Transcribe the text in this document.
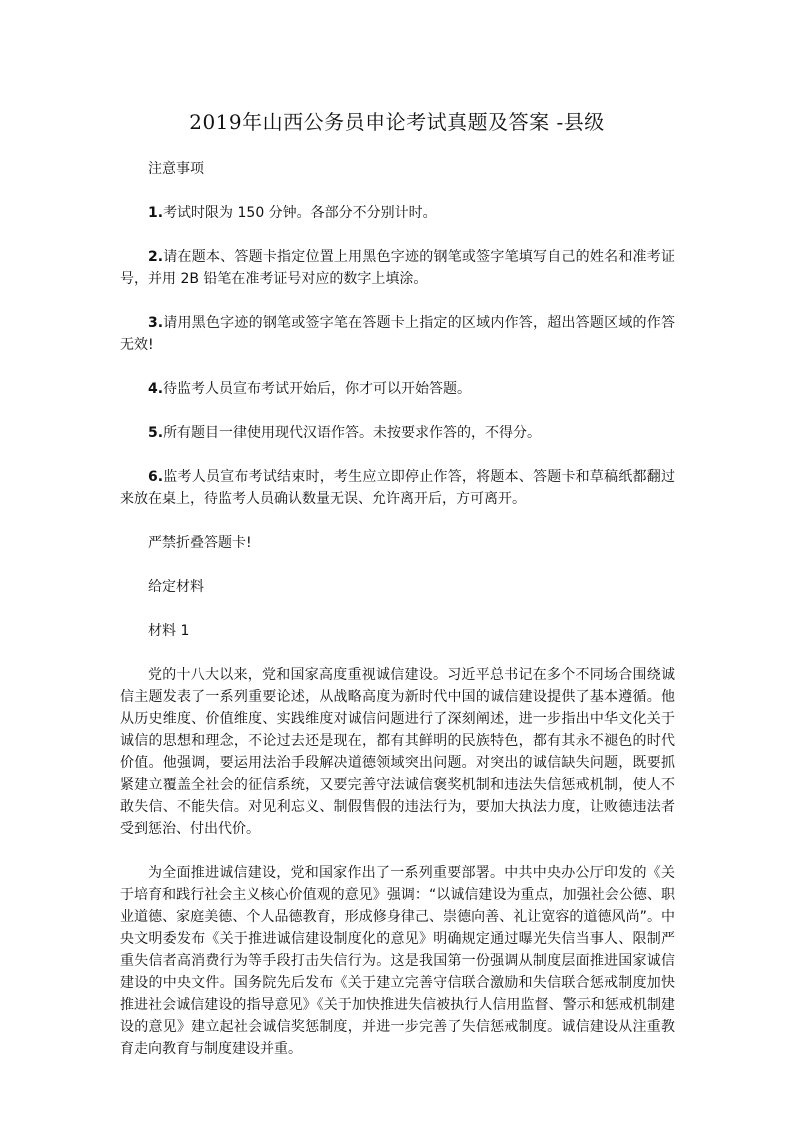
2019年山西公务员申论考试真题及答案 -县级

注意事项

1.考试时限为 150 分钟。各部分不分别计时。

2.请在题本、答题卡指定位置上用黑色字迹的钢笔或签字笔填写自己的姓名和准考证号，并用 2B 铅笔在准考证号对应的数字上填涂。

3.请用黑色字迹的钢笔或签字笔在答题卡上指定的区域内作答，超出答题区域的作答无效!

4.待监考人员宣布考试开始后，你才可以开始答题。

5.所有题目一律使用现代汉语作答。未按要求作答的，不得分。

6.监考人员宣布考试结束时，考生应立即停止作答，将题本、答题卡和草稿纸都翻过来放在桌上，待监考人员确认数量无误、允许离开后，方可离开。

严禁折叠答题卡!

给定材料

材料 1

党的十八大以来，党和国家高度重视诚信建设。习近平总书记在多个不同场合围绕诚信主题发表了一系列重要论述，从战略高度为新时代中国的诚信建设提供了基本遵循。他从历史维度、价值维度、实践维度对诚信问题进行了深刻阐述，进一步指出中华文化关于诚信的思想和理念，不论过去还是现在，都有其鲜明的民族特色，都有其永不褪色的时代价值。他强调，要运用法治手段解决道德领域突出问题。对突出的诚信缺失问题，既要抓紧建立覆盖全社会的征信系统，又要完善守法诚信褒奖机制和违法失信惩戒机制，使人不敢失信、不能失信。对见利忘义、制假售假的违法行为，要加大执法力度，让败德违法者受到惩治、付出代价。

为全面推进诚信建设，党和国家作出了一系列重要部署。中共中央办公厅印发的《关于培育和践行社会主义核心价值观的意见》强调：“以诚信建设为重点，加强社会公德、职业道德、家庭美德、个人品德教育，形成修身律己、崇德向善、礼让宽容的道德风尚”。中央文明委发布《关于推进诚信建设制度化的意见》明确规定通过曝光失信当事人、限制严重失信者高消费行为等手段打击失信行为。这是我国第一份强调从制度层面推进国家诚信建设的中央文件。国务院先后发布《关于建立完善守信联合激励和失信联合惩戒制度加快推进社会诚信建设的指导意见》《关于加快推进失信被执行人信用监督、警示和惩戒机制建设的意见》建立起社会诚信奖惩制度，并进一步完善了失信惩戒制度。诚信建设从注重教育走向教育与制度建设并重。
